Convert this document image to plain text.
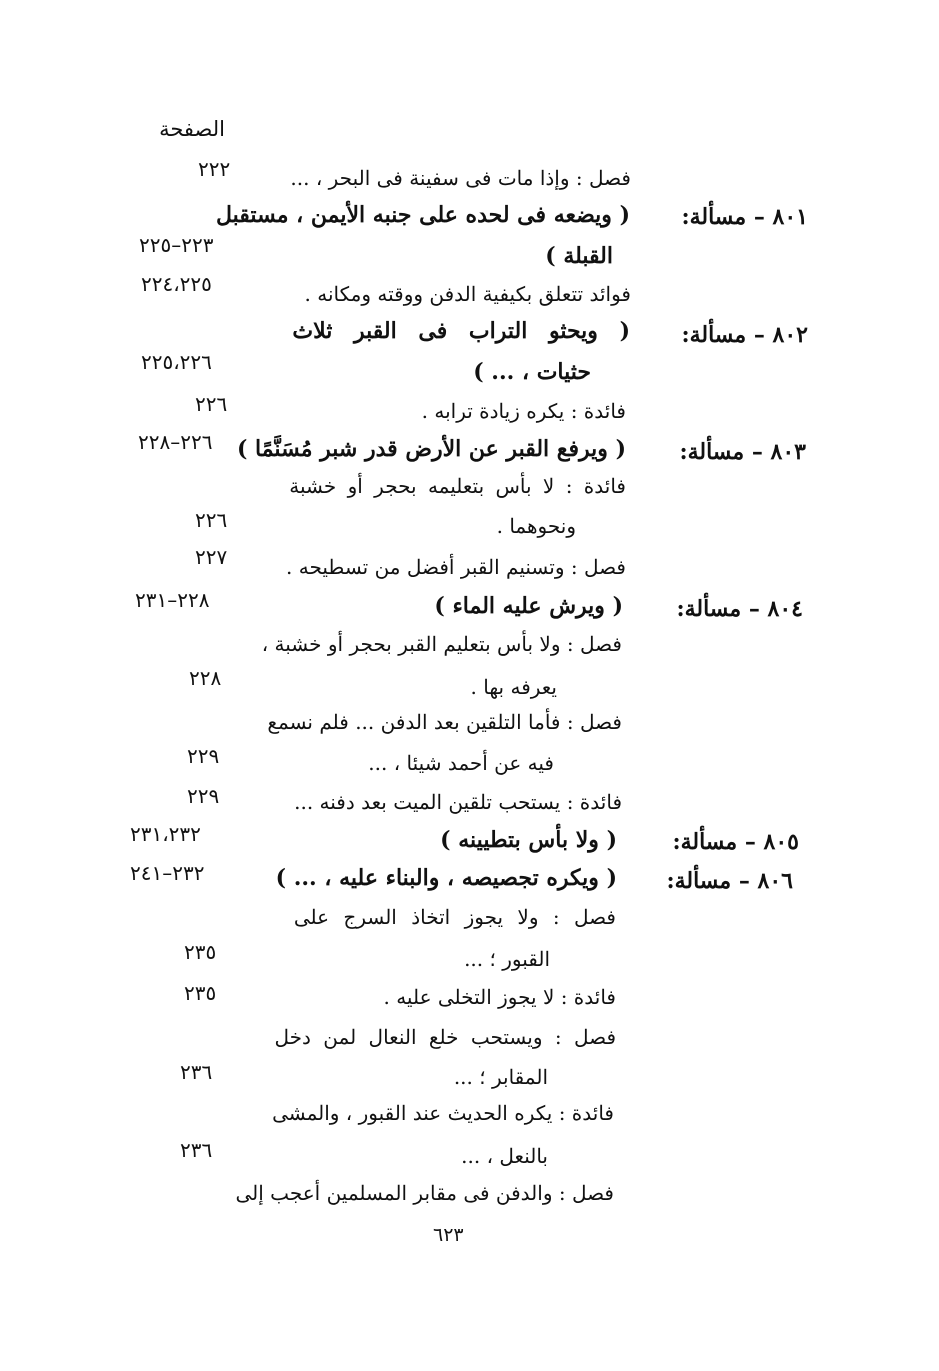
الصفحة
فصل : وإذا مات فى سفينة فى البحر ، ...
٢٢٢
٨٠١ – مسألة:
( ويضعه فى لحده على جنبه الأيمن ، مستقبل
القبلة )
٢٢٣–٢٢٥
فوائد تتعلق بكيفية الدفن ووقته ومكانه .
٢٢٤،٢٢٥
٨٠٢ – مسألة:
( ويحثو التراب فى القبر ثلاث
حثيات ، ... )
٢٢٥،٢٢٦
فائدة : يكره زيادة ترابه .
٢٢٦
٨٠٣ – مسألة:
( ويرفع القبر عن الأرض قدر شبر مُسَنَّمًا )
٢٢٦–٢٢٨
فائدة : لا بأس بتعليمه بحجر أو خشبة
ونحوهما .
٢٢٦
فصل : وتسنيم القبر أفضل من تسطيحه .
٢٢٧
٨٠٤ – مسألة:
( ويرش عليه الماء )
٢٢٨–٢٣١
فصل : ولا بأس بتعليم القبر بحجر أو خشبة ،
يعرفه بها .
٢٢٨
فصل : فأما التلقين بعد الدفن ... فلم نسمع
فيه عن أحمد شيئا ، ...
٢٢٩
فائدة : يستحب تلقين الميت بعد دفنه ...
٢٢٩
٨٠٥ – مسألة:
( ولا بأس بتطيينه )
٢٣١،٢٣٢
٨٠٦ – مسألة:
( ويكره تجصيصه ، والبناء عليه ، ... )
٢٣٢–٢٤١
فصل : ولا يجوز اتخاذ السرج على
القبور ؛ ...
٢٣٥
فائدة : لا يجوز التخلى عليه .
٢٣٥
فصل : ويستحب خلع النعال لمن دخل
المقابر ؛ ...
٢٣٦
فائدة : يكره الحديث عند القبور ، والمشى
بالنعل ، ...
٢٣٦
فصل : والدفن فى مقابر المسلمين أعجب إلى
٦٢٣
